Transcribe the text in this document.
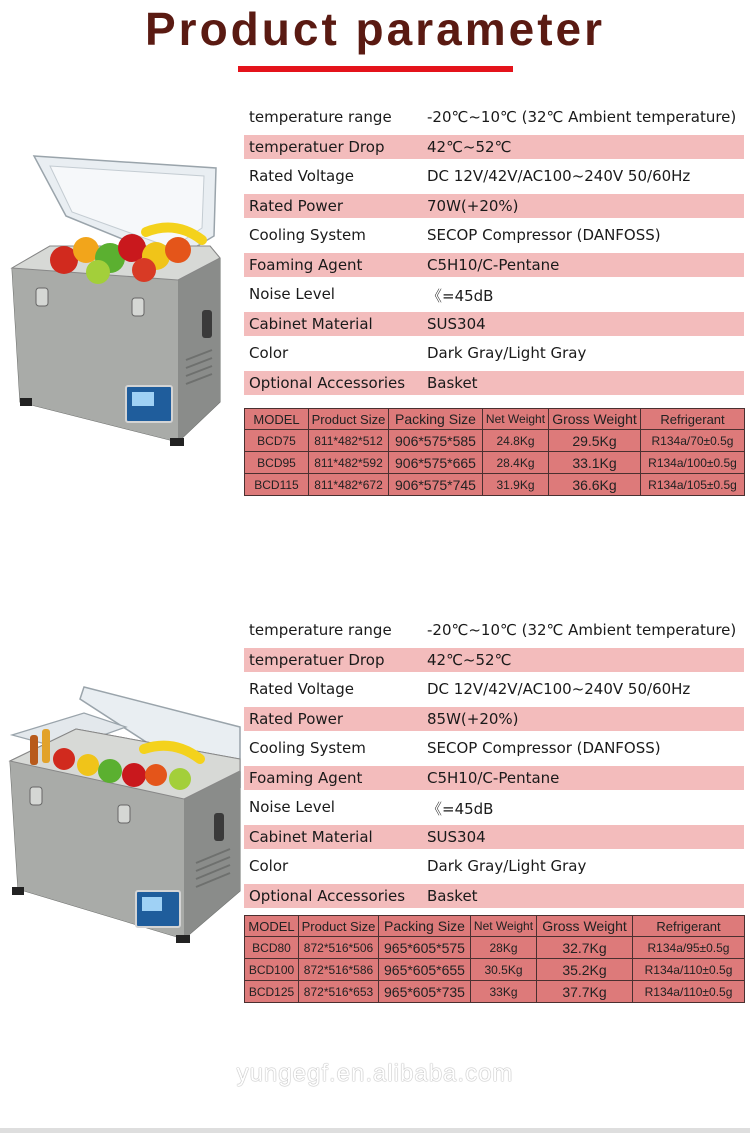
Product parameter
temperature range -20℃~10℃ (32℃ Ambient temperature)
temperatuer Drop	42℃~52℃
Rated Voltage	DC 12V/42V/AC100~240V 50/60Hz
Rated Power	70W(+20%)
Cooling System	SECOP Compressor (DANFOSS)
Foaming Agent	C5H10/C-Pentane
Noise Level	《=45dB
Cabinet Material	SUS304
Color	Dark Gray/Light Gray
Optional Accessories Basket
MODEL	Product Size	Packing Size	Net Weight	Gross Weight	Refrigerant
BCD75	811*482*512	906*575*585	24.8Kg	29.5Kg	R134a/70±0.5g
BCD95	811*482*592	906*575*665	28.4Kg	33.1Kg	R134a/100±0.5g
BCD115	811*482*672	906*575*745	31.9Kg	36.6Kg	R134a/105±0.5g
temperature range -20℃~10℃ (32℃ Ambient temperature)
temperatuer Drop	42℃~52℃
Rated Voltage	DC 12V/42V/AC100~240V 50/60Hz
Rated Power	85W(+20%)
Cooling System	SECOP Compressor (DANFOSS)
Foaming Agent	C5H10/C-Pentane
Noise Level	《=45dB
Cabinet Material	SUS304
Color	Dark Gray/Light Gray
Optional Accessories Basket
MODEL	Product Size	Packing Size	Net Weight	Gross Weight	Refrigerant
BCD80	872*516*506	965*605*575	28Kg	32.7Kg	R134a/95±0.5g
BCD100	872*516*586	965*605*655	30.5Kg	35.2Kg	R134a/110±0.5g
BCD125	872*516*653	965*605*735	33Kg	37.7Kg	R134a/110±0.5g
yungegf.en.alibaba.com
